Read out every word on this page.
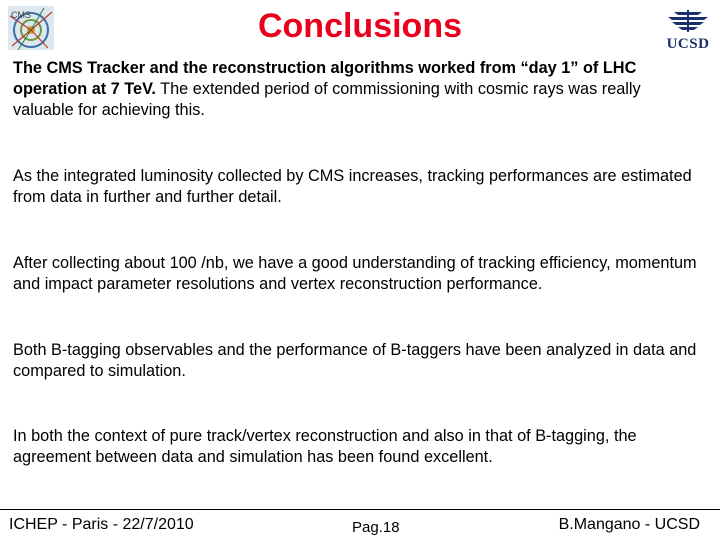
CMS	Conclusions	UCSD
The CMS Tracker and the reconstruction algorithms worked from “day 1” of LHC operation at 7 TeV. The extended period of commissioning with cosmic rays was really valuable for achieving this.
As the integrated luminosity collected by CMS increases, tracking performances are estimated from data in further and further detail.
After collecting about 100 /nb, we have a good understanding of tracking efficiency, momentum and impact parameter resolutions and vertex reconstruction performance.
Both B-tagging observables and the performance of B-taggers have been analyzed in data and compared to simulation.
In both the context of pure track/vertex reconstruction and also in that of B-tagging, the agreement between data and simulation has been found excellent.
ICHEP - Paris - 22/7/2010	Pag.18	B.Mangano - UCSD
